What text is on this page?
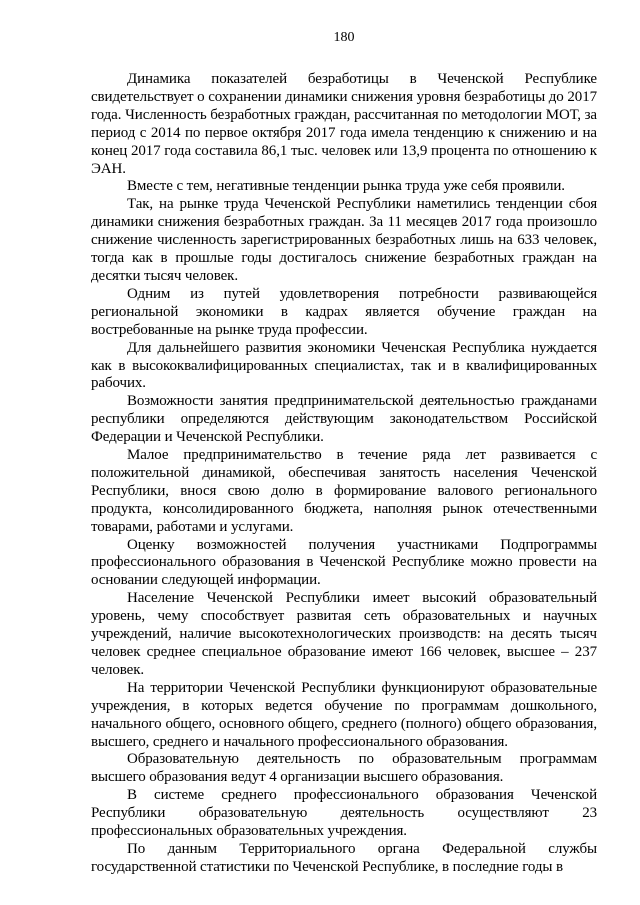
180

Динамика показателей безработицы в Чеченской Республике свидетельствует о сохранении динамики снижения уровня безработицы до 2017 года. Численность безработных граждан, рассчитанная по методологии МОТ, за период с 2014 по первое октября 2017 года имела тенденцию к снижению и на конец 2017 года составила 86,1 тыс. человек или 13,9 процента по отношению к ЭАН.

Вместе с тем, негативные тенденции рынка труда уже себя проявили.

Так, на рынке труда Чеченской Республики наметились тенденции сбоя динамики снижения безработных граждан. За 11 месяцев 2017 года произошло снижение численность зарегистрированных безработных лишь на 633 человек, тогда как в прошлые годы достигалось снижение безработных граждан на десятки тысяч человек.

Одним из путей удовлетворения потребности развивающейся региональной экономики в кадрах является обучение граждан на востребованные на рынке труда профессии.

Для дальнейшего развития экономики Чеченская Республика нуждается как в высококвалифицированных специалистах, так и в квалифицированных рабочих.

Возможности занятия предпринимательской деятельностью гражданами республики определяются действующим законодательством Российской Федерации и Чеченской Республики.

Малое предпринимательство в течение ряда лет развивается с положительной динамикой, обеспечивая занятость населения Чеченской Республики, внося свою долю в формирование валового регионального продукта, консолидированного бюджета, наполняя рынок отечественными товарами, работами и услугами.

Оценку возможностей получения участниками Подпрограммы профессионального образования в Чеченской Республике можно провести на основании следующей информации.

Население Чеченской Республики имеет высокий образовательный уровень, чему способствует развитая сеть образовательных и научных учреждений, наличие высокотехнологических производств: на десять тысяч человек среднее специальное образование имеют 166 человек, высшее – 237 человек.

На территории Чеченской Республики функционируют образовательные учреждения, в которых ведется обучение по программам дошкольного, начального общего, основного общего, среднего (полного) общего образования, высшего, среднего и начального профессионального образования.

Образовательную деятельность по образовательным программам высшего образования ведут 4 организации высшего образования.

В системе среднего профессионального образования Чеченской Республики образовательную деятельность осуществляют 23 профессиональных образовательных учреждения.

По данным Территориального органа Федеральной службы государственной статистики по Чеченской Республике, в последние годы в
